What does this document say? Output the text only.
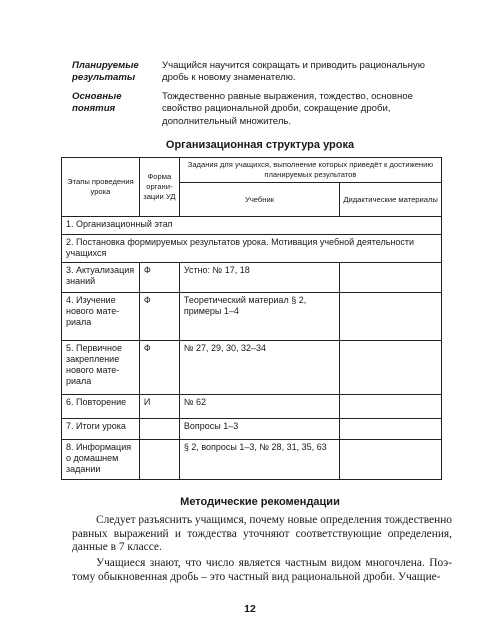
Планируемые результаты
Учащийся научится сокращать и приводить рациональную дробь к новому знаменателю.
Основные понятия
Тождественно равные выражения, тождество, основное свойство рациональной дроби, сокращение дроби, дополнительный множитель.
Организационная структура урока
Этапы проведения урока	Форма организации УД	Задания для учащихся, выполнение которых приведёт к достижению планируемых результатов	
		Учебник	Дидактические материалы
1. Организационный этап			
2. Постановка формируемых результатов урока. Мотивация учебной деятельности учащихся			
3. Актуализация знаний	Ф	Устно: № 17, 18	
4. Изучение нового материала	Ф	Теоретический материал § 2, примеры 1–4	
5. Первичное закрепление нового материала	Ф	№ 27, 29, 30, 32–34	
6. Повторение	И	№ 62	
7. Итоги урока		Вопросы 1–3	
8. Информация о домашнем задании		§ 2, вопросы 1–3, № 28, 31, 35, 63	
Методические рекомендации
Следует разъяснить учащимся, почему новые определения тождественно равных выражений и тождества уточняют соответствующие определения, данные в 7 классе.
Учащиеся знают, что число является частным видом многочлена. Поэтому обыкновенная дробь – это частный вид рациональной дроби. Учащие-
12
